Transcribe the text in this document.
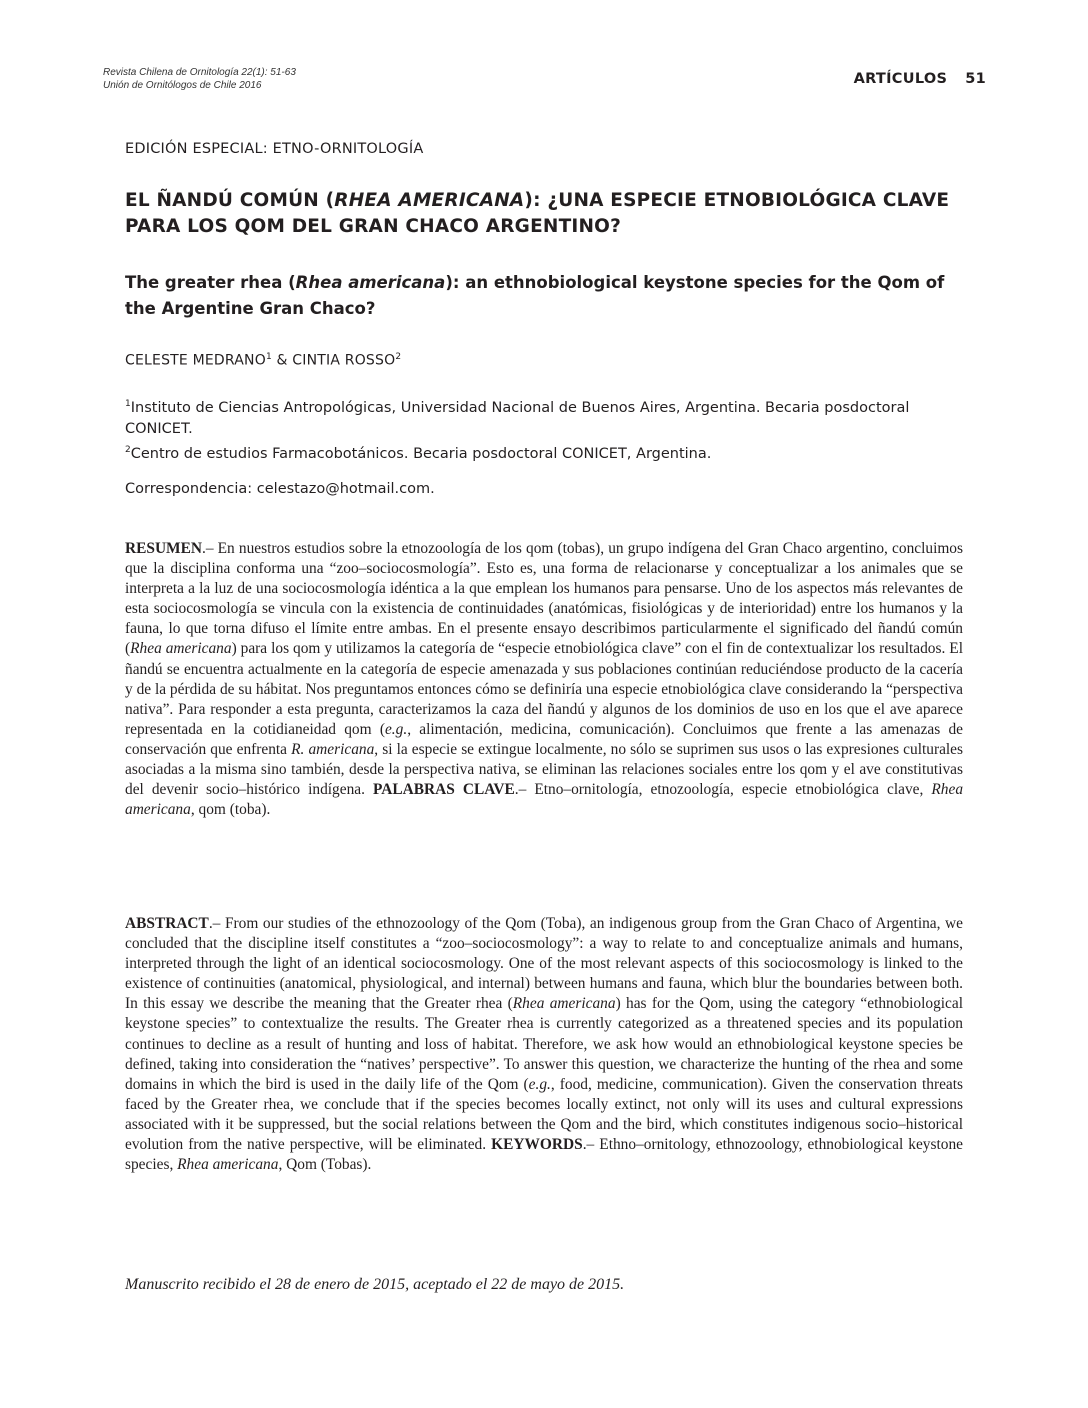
Revista Chilena de Ornitología 22(1): 51-63
Unión de Ornitólogos de Chile 2016	ARTÍCULOS 51
EDICIÓN ESPECIAL: ETNO-ORNITOLOGÍA
EL ÑANDÚ COMÚN (RHEA AMERICANA): ¿UNA ESPECIE ETNOBIOLÓGICA CLAVE PARA LOS QOM DEL GRAN CHACO ARGENTINO?
The greater rhea (Rhea americana): an ethnobiological keystone species for the Qom of the Argentine Gran Chaco?
CELESTE MEDRANO$^1$ & CINTIA ROSSO$^2$

$^1$Instituto de Ciencias Antropológicas, Universidad Nacional de Buenos Aires, Argentina. Becaria posdoctoral CONICET.

$^2$Centro de estudios Farmacobotánicos. Becaria posdoctoral CONICET, Argentina.

Correspondencia: celestazo@hotmail.com.

RESUMEN.– En nuestros estudios sobre la etnozoología de los qom (tobas), un grupo indígena del Gran Chaco argentino, concluimos que la disciplina conforma una “zoo–sociocosmología”. Esto es, una forma de relacionarse y conceptualizar a los animales que se interpreta a la luz de una sociocosmología idéntica a la que emplean los humanos para pensarse. Uno de los aspectos más relevantes de esta sociocosmología se vincula con la existencia de continuidades (anatómicas, fisiológicas y de interioridad) entre los humanos y la fauna, lo que torna difuso el límite entre ambas. En el presente ensayo describimos particularmente el significado del ñandú común (Rhea americana) para los qom y utilizamos la categoría de “especie etnobiológica clave” con el fin de contextualizar los resultados. El ñandú se encuentra actualmente en la categoría de especie amenazada y sus poblaciones continúan reduciéndose producto de la cacería y de la pérdida de su hábitat. Nos preguntamos entonces cómo se definiría una especie etnobiológica clave considerando la “perspectiva nativa”. Para responder a esta pregunta, caracterizamos la caza del ñandú y algunos de los dominios de uso en los que el ave aparece representada en la cotidianeidad qom (e.g., alimentación, medicina, comunicación). Concluimos que frente a las amenazas de conservación que enfrenta R. americana, si la especie se extingue localmente, no sólo se suprimen sus usos o las expresiones culturales asociadas a la misma sino también, desde la perspectiva nativa, se eliminan las relaciones sociales entre los qom y el ave constitutivas del devenir socio–histórico indígena. PALABRAS CLAVE.– Etno–ornitología, etnozoología, especie etnobiológica clave, Rhea americana, qom (toba).

ABSTRACT.– From our studies of the ethnozoology of the Qom (Toba), an indigenous group from the Gran Chaco of Argentina, we concluded that the discipline itself constitutes a “zoo–sociocosmology”: a way to relate to and conceptualize animals and humans, interpreted through the light of an identical sociocosmology. One of the most relevant aspects of this sociocosmology is linked to the existence of continuities (anatomical, physiological, and internal) between humans and fauna, which blur the boundaries between both. In this essay we describe the meaning that the Greater rhea (Rhea americana) has for the Qom, using the category “ethnobiological keystone species” to contextualize the results. The Greater rhea is currently categorized as a threatened species and its population continues to decline as a result of hunting and loss of habitat. Therefore, we ask how would an ethnobiological keystone species be defined, taking into consideration the “natives’ perspective”. To answer this question, we characterize the hunting of the rhea and some domains in which the bird is used in the daily life of the Qom (e.g., food, medicine, communication). Given the conservation threats faced by the Greater rhea, we conclude that if the species becomes locally extinct, not only will its uses and cultural expressions associated with it be suppressed, but the social relations between the Qom and the bird, which constitutes indigenous socio–historical evolution from the native perspective, will be eliminated. KEYWORDS.– Ethno–ornitology, ethnozoology, ethnobiological keystone species, Rhea americana, Qom (Tobas).

Manuscrito recibido el 28 de enero de 2015, aceptado el 22 de mayo de 2015.
